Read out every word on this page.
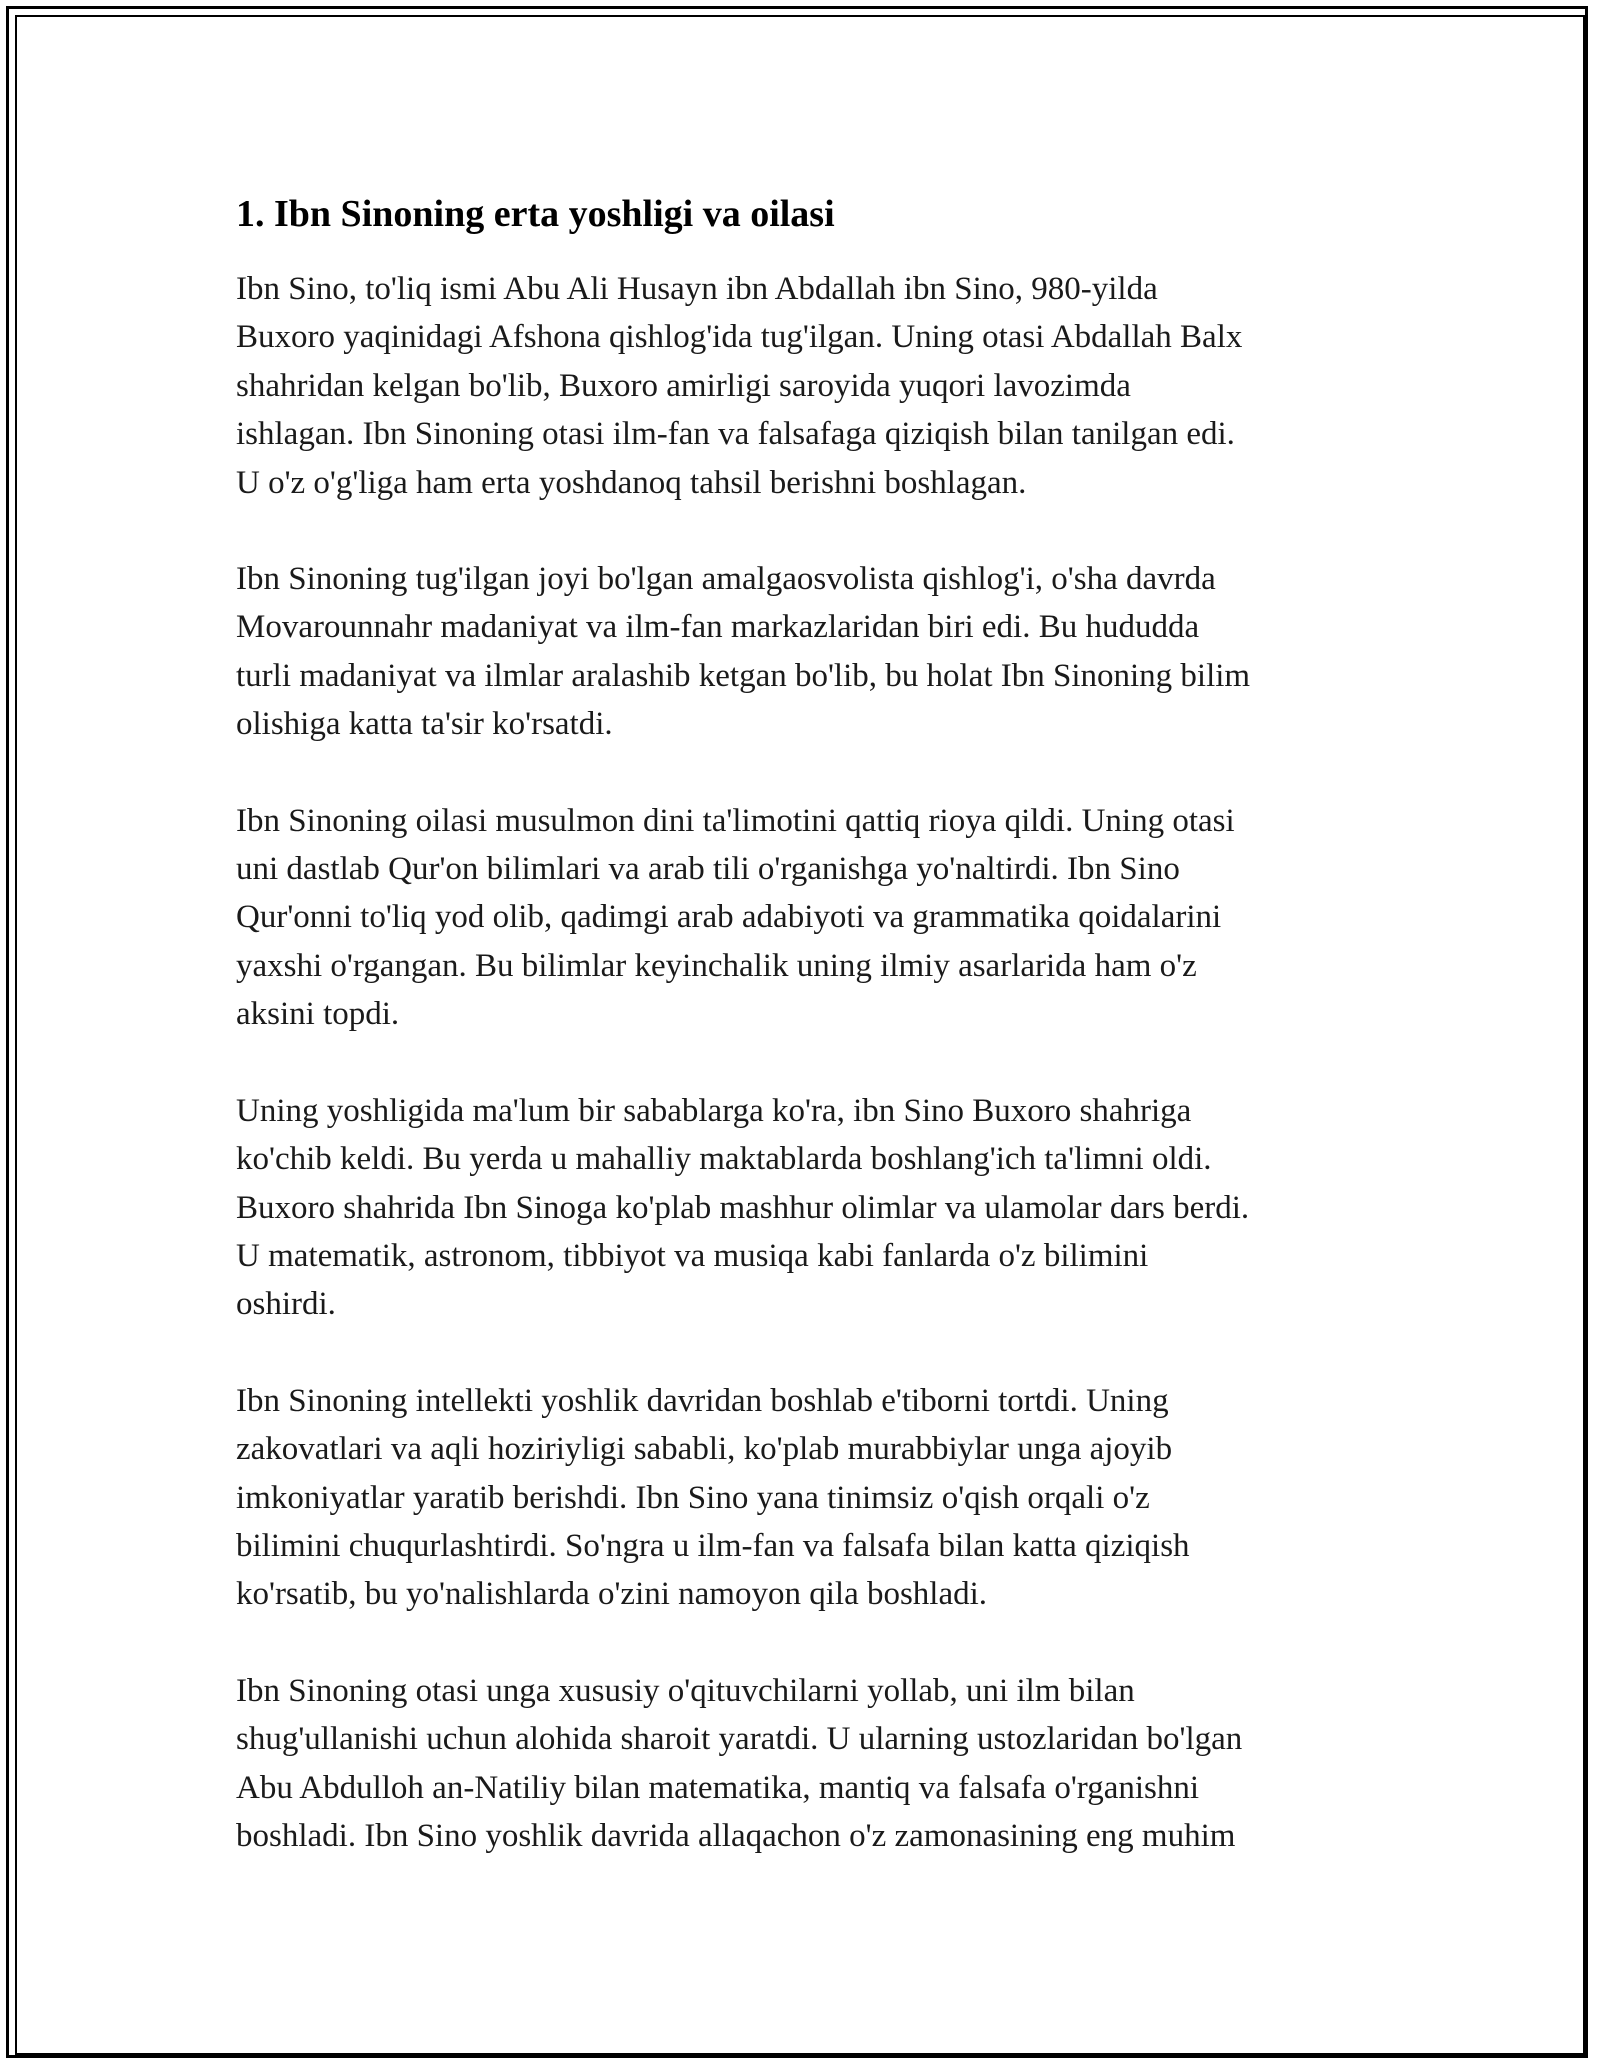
1. Ibn Sinoning erta yoshligi va oilasi

Ibn Sino, to'liq ismi Abu Ali Husayn ibn Abdallah ibn Sino, 980-yilda
Buxoro yaqinidagi Afshona qishlog'ida tug'ilgan. Uning otasi Abdallah Balx
shahridan kelgan bo'lib, Buxoro amirligi saroyida yuqori lavozimda
ishlagan. Ibn Sinoning otasi ilm-fan va falsafaga qiziqish bilan tanilgan edi.
U o'z o'g'liga ham erta yoshdanoq tahsil berishni boshlagan.

Ibn Sinoning tug'ilgan joyi bo'lgan amalgaosvolista qishlog'i, o'sha davrda
Movarounnahr madaniyat va ilm-fan markazlaridan biri edi. Bu hududda
turli madaniyat va ilmlar aralashib ketgan bo'lib, bu holat Ibn Sinoning bilim
olishiga katta ta'sir ko'rsatdi.

Ibn Sinoning oilasi musulmon dini ta'limotini qattiq rioya qildi. Uning otasi
uni dastlab Qur'on bilimlari va arab tili o'rganishga yo'naltirdi. Ibn Sino
Qur'onni to'liq yod olib, qadimgi arab adabiyoti va grammatika qoidalarini
yaxshi o'rgangan. Bu bilimlar keyinchalik uning ilmiy asarlarida ham o'z
aksini topdi.

Uning yoshligida ma'lum bir sabablarga ko'ra, ibn Sino Buxoro shahriga
ko'chib keldi. Bu yerda u mahalliy maktablarda boshlang'ich ta'limni oldi.
Buxoro shahrida Ibn Sinoga ko'plab mashhur olimlar va ulamolar dars berdi.
U matematik, astronom, tibbiyot va musiqa kabi fanlarda o'z bilimini
oshirdi.

Ibn Sinoning intellekti yoshlik davridan boshlab e'tiborni tortdi. Uning
zakovatlari va aqli hoziriyligi sababli, ko'plab murabbiylar unga ajoyib
imkoniyatlar yaratib berishdi. Ibn Sino yana tinimsiz o'qish orqali o'z
bilimini chuqurlashtirdi. So'ngra u ilm-fan va falsafa bilan katta qiziqish
ko'rsatib, bu yo'nalishlarda o'zini namoyon qila boshladi.

Ibn Sinoning otasi unga xususiy o'qituvchilarni yollab, uni ilm bilan
shug'ullanishi uchun alohida sharoit yaratdi. U ularning ustozlaridan bo'lgan
Abu Abdulloh an-Natiliy bilan matematika, mantiq va falsafa o'rganishni
boshladi. Ibn Sino yoshlik davrida allaqachon o'z zamonasining eng muhim
